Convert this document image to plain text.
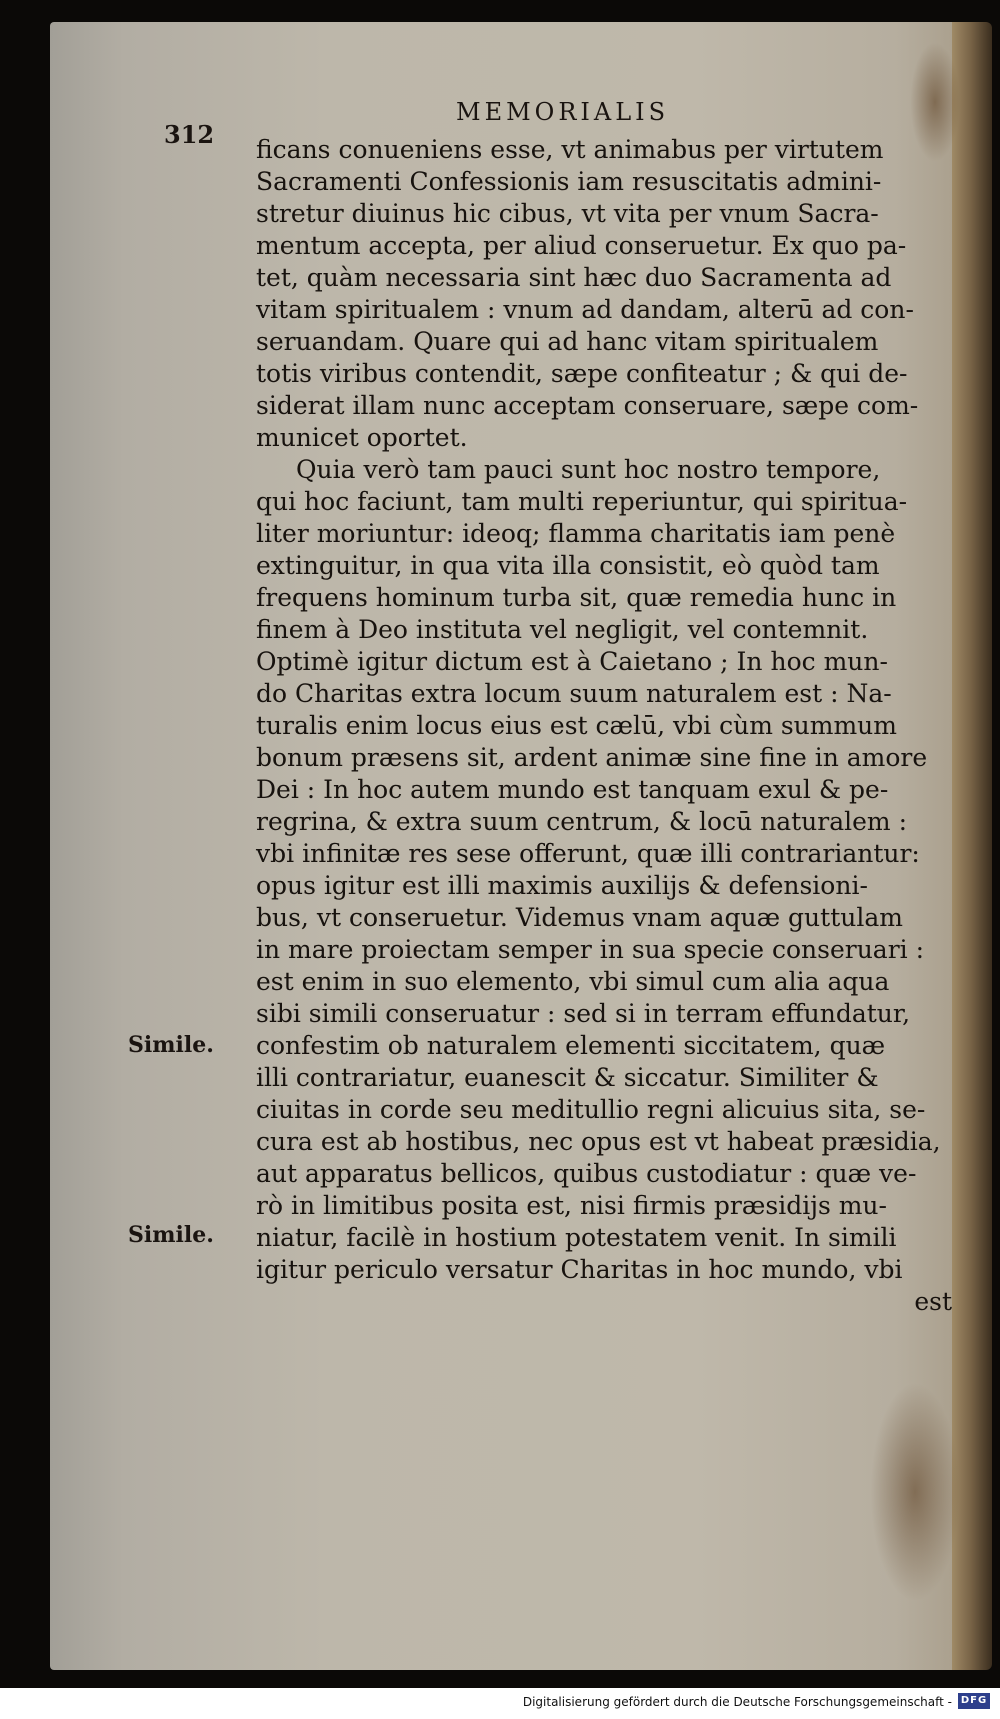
312

MEMORIALIS

ficans conueniens esse, vt animabus per virtutem
Sacramenti Confessionis iam resuscitatis admini-
stretur diuinus hic cibus, vt vita per vnum Sacra-
mentum accepta, per aliud conseruetur. Ex quo pa-
tet, quàm necessaria sint hæc duo Sacramenta ad
vitam spiritualem : vnum ad dandam, alterū ad con-
seruandam. Quare qui ad hanc vitam spiritualem
totis viribus contendit, sæpe confiteatur ; & qui de-
siderat illam nunc acceptam conseruare, sæpe com-
municet oportet.
Quia verò tam pauci sunt hoc nostro tempore,
qui hoc faciunt, tam multi reperiuntur, qui spiritua-
liter moriuntur: ideoq; flamma charitatis iam penè
extinguitur, in qua vita illa consistit, eò quòd tam
frequens hominum turba sit, quæ remedia hunc in
finem à Deo instituta vel negligit, vel contemnit.
Optimè igitur dictum est à Caietano ; In hoc mun-
do Charitas extra locum suum naturalem est : Na-
turalis enim locus eius est cælū, vbi cùm summum
bonum præsens sit, ardent animæ sine fine in amore
Dei : In hoc autem mundo est tanquam exul & pe-
regrina, & extra suum centrum, & locū naturalem :
vbi infinitæ res sese offerunt, quæ illi contrariantur:
opus igitur est illi maximis auxilijs & defensioni-
bus, vt conseruetur. Videmus vnam aquæ guttulam
in mare proiectam semper in sua specie conseruari :
est enim in suo elemento, vbi simul cum alia aqua
sibi simili conseruatur : sed si in terram effundatur,
confestim ob naturalem elementi siccitatem, quæ
illi contrariatur, euanescit & siccatur. Similiter &
ciuitas in corde seu meditullio regni alicuius sita, se-
cura est ab hostibus, nec opus est vt habeat præsidia,
aut apparatus bellicos, quibus custodiatur : quæ ve-
rò in limitibus posita est, nisi firmis præsidijs mu-
niatur, facilè in hostium potestatem venit. In simili
igitur periculo versatur Charitas in hoc mundo, vbi
est

Simile.

Simile.

Digitalisierung gefördert durch die Deutsche Forschungsgemeinschaft - DFG
